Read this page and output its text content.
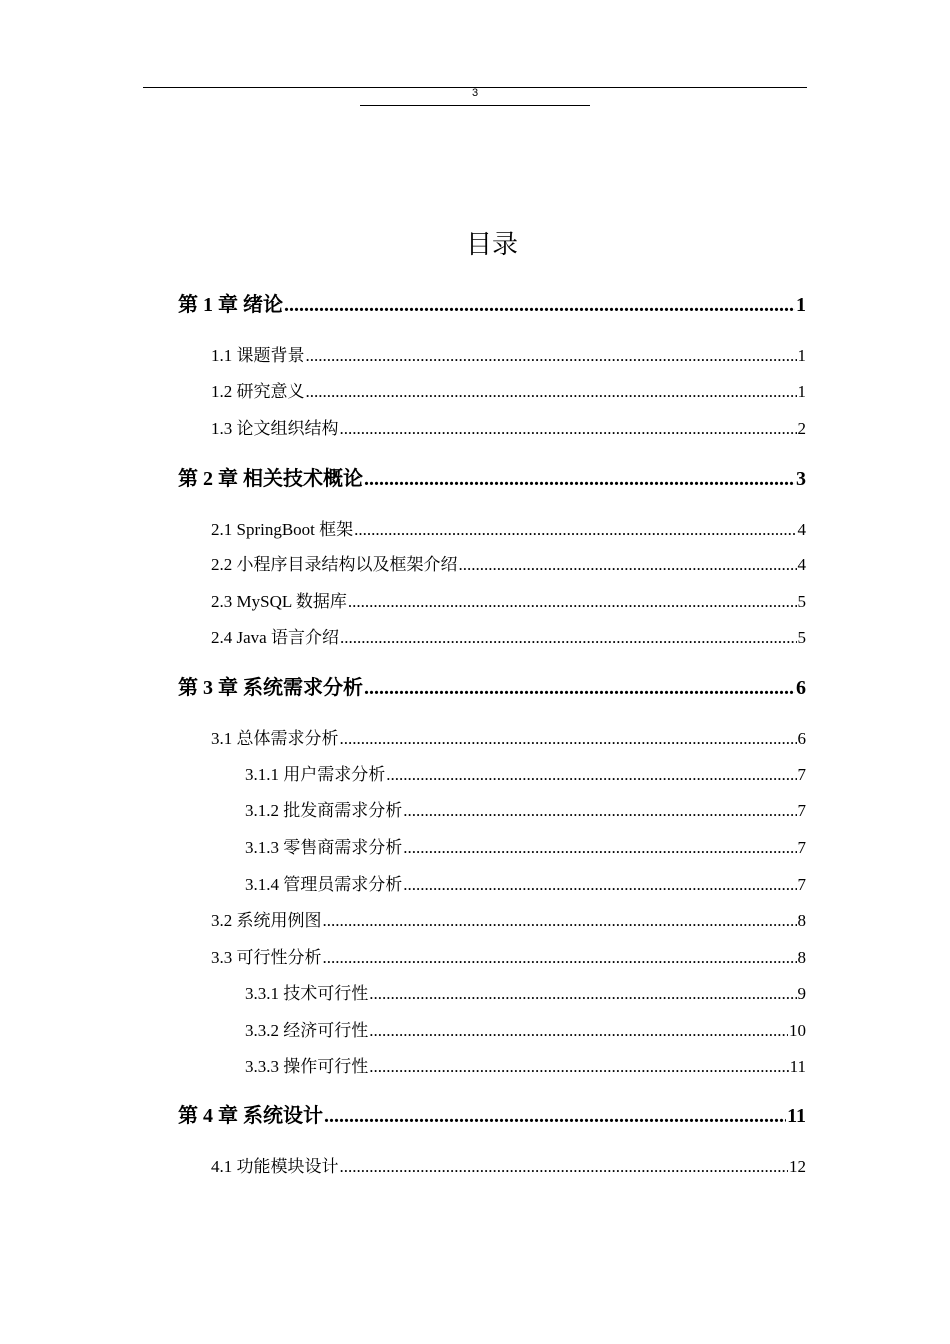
3
目录
第 1 章 绪论 .....	1
1.1 课题背景 .....	1
1.2 研究意义 .....	1
1.3 论文组织结构 .....	2
第 2 章 相关技术概论 .....	3
2.1 SpringBoot 框架 .....	4
2.2 小程序目录结构以及框架介绍 .....	4
2.3 MySQL 数据库 .....	5
2.4 Java 语言介绍 .....	5
第 3 章 系统需求分析 .....	6
3.1 总体需求分析 .....	6
3.1.1 用户需求分析 .....	7
3.1.2 批发商需求分析 .....	7
3.1.3 零售商需求分析 .....	7
3.1.4 管理员需求分析 .....	7
3.2 系统用例图 .....	8
3.3 可行性分析 .....	8
3.3.1 技术可行性 .....	9
3.3.2 经济可行性 .....	10
3.3.3 操作可行性 .....	11
第 4 章 系统设计 .....	11
4.1 功能模块设计 .....	12
